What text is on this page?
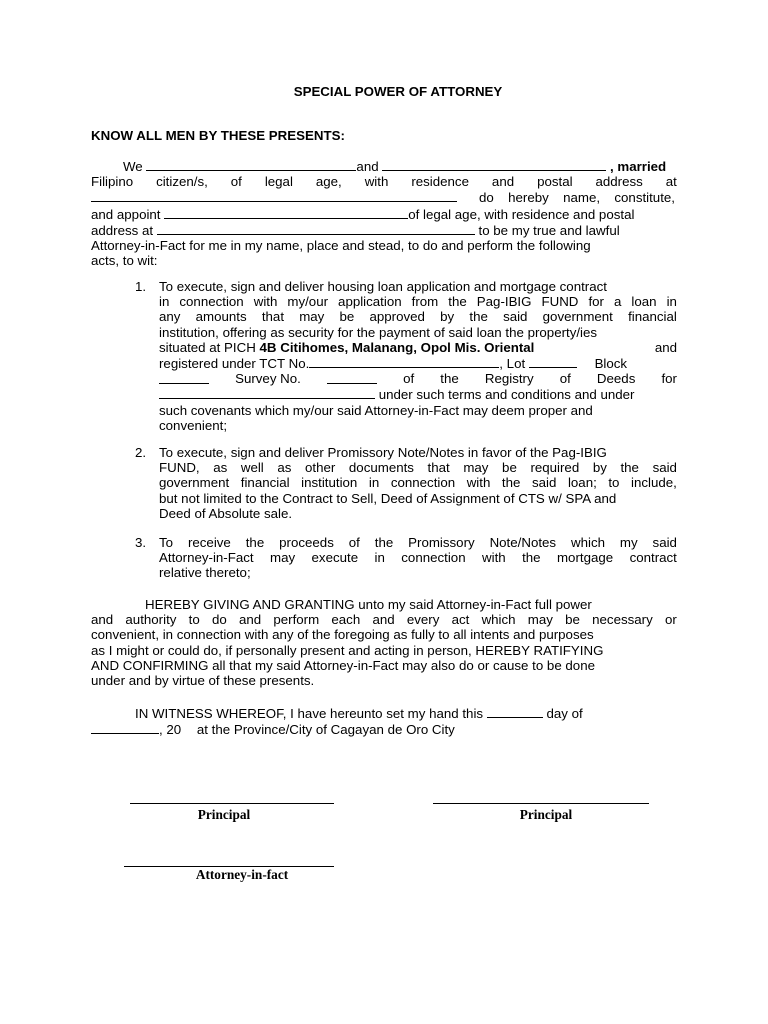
SPECIAL POWER OF ATTORNEY
KNOW ALL MEN BY THESE PRESENTS:
We	and	, married
Filipino citizen/s, of legal age, with residence and postal address at
do hereby name, constitute,
and appoint	of legal age, with residence and postal
address at	to be my true and lawful
Attorney-in-Fact for me in my name, place and stead, to do and perform the following
acts, to wit:
1. To execute, sign and deliver housing loan application and mortgage contract
in connection with my/our application from the Pag-IBIG FUND for a loan in
any amounts that may be approved by the said government financial
institution, offering as security for the payment of said loan the property/ies
situated at PICH 4B Citihomes, Malanang, Opol Mis. Oriental	and
registered under TCT No.	, Lot	Block
Survey No.	of the Registry of Deeds for
under such terms and conditions and under
such covenants which my/our said Attorney-in-Fact may deem proper and
convenient;
2. To execute, sign and deliver Promissory Note/Notes in favor of the Pag-IBIG
FUND, as well as other documents that may be required by the said
government financial institution in connection with the said loan; to include,
but not limited to the Contract to Sell, Deed of Assignment of CTS w/ SPA and
Deed of Absolute sale.
3. To receive the proceeds of the Promissory Note/Notes which my said
Attorney-in-Fact may execute in connection with the mortgage contract
relative thereto;
HEREBY GIVING AND GRANTING unto my said Attorney-in-Fact full power
and authority to do and perform each and every act which may be necessary or
convenient, in connection with any of the foregoing as fully to all intents and purposes
as I might or could do, if personally present and acting in person, HEREBY RATIFYING
AND CONFIRMING all that my said Attorney-in-Fact may also do or cause to be done
under and by virtue of these presents.
IN WITNESS WHEREOF, I have hereunto set my hand this	day of
, 20 at the Province/City of Cagayan de Oro City
Principal	Principal
Attorney-in-fact
